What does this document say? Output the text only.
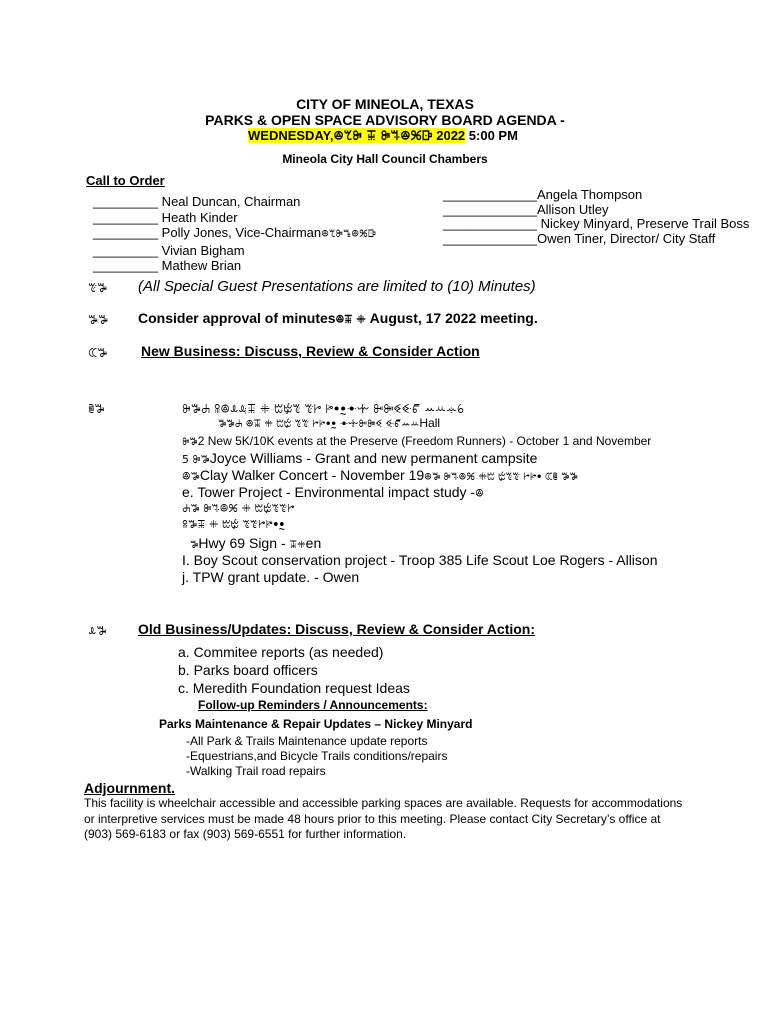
CITY OF MINEOLA, TEXAS
PARKS & OPEN SPACE ADVISORY BOARD AGENDA -
WEDNESDAY,ꔮꕎꔭ ꔯ ꔭꕐꔮꕑꕒ 2022 5:00 PM
Mineola City Hall Council Chambers
Call to Order
_________ Neal Duncan, Chairman
_________ Heath Kinder
_________ Polly Jones, Vice-Chairmanꔮꕎꔭꕏꔮꕑꕒ
_________ Vivian Bigham
_________ Mathew Brian
_____________Angela Thompson
_____________Allison Utley
_____________ Nickey Minyard, Preserve Trail Boss
_____________Owen Tiner, Director/ City Staff
ꔴꕅ (All Special Guest Presentations are limited to (10) Minutes)
ꕅꕅ Consider approval of minutesꔮꔯ ꔰ August, 17 2022 meeting.
ꕆꕅ New Business: Discuss, Review & Consider Action
ꕇꕅ	ꔭꕅꕈ ꕉꔮꕊꕋꔯ ꔰ ꔱꔲꔳ ꔴꔵ ꔶꔷꔸꔹꔺ ꔻꔼꔽꔾꔿ ꕀꕁꕂꕃ
ꕅꕅꕈ ꔮꔯ ꔰ ꔱꔲ ꔳꔴ ꔵꔶꔷꔸ ꔹꔺꔻꔼꔽ ꔾꔿꕀꕁHall
ꔭꕅ2 New 5K/10K events at the Preserve (Freedom Runners) - October 1 and November
5 ꔭꕅJoyce Williams - Grant and new permanent campsite
ꔮꕅClay Walker Concert - November 19ꔮꕅ ꔭꕐꔮꕑ ꔰꔱ ꔲꔳꔴ ꔵꔶꔷ ꕆꕇ ꕅꕅ
e. Tower Project - Environmental impact study -ꔮ
ꕈꕅ ꔭꕐꔮꕑ ꔰ ꔱꔲꔳꔴꔵ
ꕉꕅꔯ ꔰ ꔱꔲ ꔳꔴꔵꔶꔷꔸ
ꕅHwy 69 Sign - ꔯꔰen
I. Boy Scout conservation project - Troop 385 Life Scout Loe Rogers - Allison
j. TPW grant update. - Owen
ꕊꕅ Old Business/Updates: Discuss, Review & Consider Action:
a. Commitee reports (as needed)
b. Parks board officers
c. Meredith Foundation request Ideas
Follow-up Reminders / Announcements:
Parks Maintenance & Repair Updates – Nickey Minyard
-All Park & Trails Maintenance update reports
-Equestrians,and Bicycle Trails conditions/repairs
-Walking Trail road repairs
Adjournment.
This facility is wheelchair accessible and accessible parking spaces are available. Requests for accommodations
or interpretive services must be made 48 hours prior to this meeting. Please contact City Secretary’s office at
(903) 569-6183 or fax (903) 569-6551 for further information.
